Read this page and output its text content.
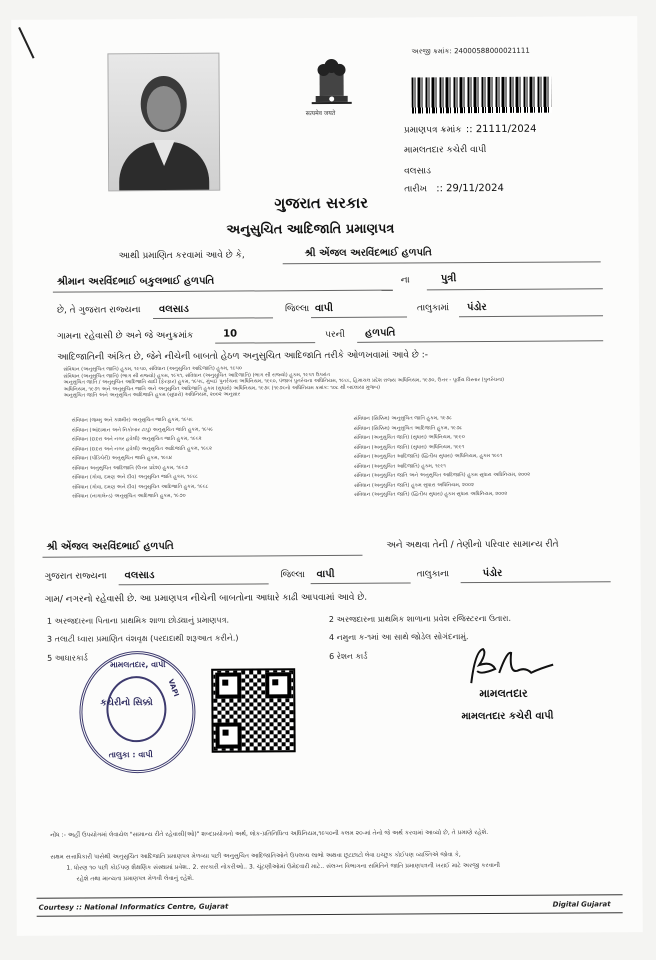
सत्यमेव जयते
અરજી ક્રમાંક: 24000588000021111
પ્રમાણપત્ર ક્રમાંક :: 21111/2024
મામલતદાર કચેરી વાપી
વલસાડ
તારીખ :: 29/11/2024
ગુજરાત સરકાર
અનુસુચિત આદિજાતિ પ્રમાણપત્ર
આથી પ્રમાણિત કરવામાં આવે છે કે,	શ્રી એંજલ અરવિંદભાઈ હળપતિ
શ્રીમાન અરવિંદભાઈ બકુલભાઈ હળપતિ	ના	પુત્રી
છે, તે ગુજરાત રાજ્યના વલસાડ	જિલ્લા વાપી	તાલુકામાં પંડોર
ગામના રહેવાસી છે અને જે અનુક્રમાંક	10	પરની હળપતિ
આદિજાતિની અંકિત છે, જેને નીચેની બાબતો હેઠળ અનુસુચિત આદિજાતિ તરીકે ઓળખવામાં આવે છે :-
સંવિધાન (અનુસુચિત જાતિ) હુકમ, ૧૯૫૦, સંવિધાન (અનુસુચિત આદિજાતિ) હુકમ, ૧૯૫૦
સંવિધાન (અનુસુચિત જાતિ) (ભાગ સી રાજ્યો) હુકમ, ૧૯૫૧, સંવિધાન (અનુસુચિત આદિજાતિ) (ભાગ સી રાજ્યો) હુકમ, ૧૯૫૧ ઉપરાંત
અનુસુચિત જાતિ / અનુસુચિત આદિજાતિ યાદી (ફેરફાર) હુકમ, ૧૯૫૬, મુંબઈ પુનર્રચના અધિનિયમ, ૧૯૬૦, પંજાબ પુનર્રચના અધિનિયમ, ૧૯૬૬, હિમાચલ પ્રદેશ રાજ્ય અધિનિયમ, ૧૯૭૦, ઉત્તર - પૂર્વીય વિસ્તાર (પુનર્રચના)
અધિનિયમ, ૧૯૭૧ અને અનુસુચિત જાતિ અને અનુસુચિત આદિજાતિ હુકમ (સુધારો) અધિનિયમ, ૧૯૭૬ (૧૯૭૬નો અધિનિયમ ક્રમાંક: ૧૦૮ થી બદલાયા મુજબ)
અનુસુચિત જાતિ અને અનુસુચિત આદિજાતિ હુકમ (સુધારો) અધિનિયમ, ૨૦૦૨ અનુસાર
સંવિધાન (જમ્મુ અને કાશ્મીર) અનુસુચિત જાતિ હુકમ, ૧૯૫૬
સંવિધાન (આંદામાન અને નિકોબાર ટાપુ) અનુસુચિત જાતિ હુકમ, ૧૯૫૯
સંવિધાન (દાદરા અને નગર હવેલી) અનુસુચિત જાતિ હુકમ, ૧૯૬૨
સંવિધાન (દાદરા અને નગર હવેલી) અનુસુચિત આદિજાતિ હુકમ, ૧૯૬૨
સંવિધાન (પોંડિચેરી) અનુસુચિત જાતિ હુકમ, ૧૯૬૪
સંવિધાન અનુસુચિત આદિજાતિ (ઉત્તર પ્રદેશ) હુકમ, ૧૯૬૭
સંવિધાન (ગોવા, દમણ અને દીવ) અનુસુચિત જાતિ હુકમ, ૧૯૬૮
સંવિધાન (ગોવા, દમણ અને દીવ) અનુસુચિત આદિજાતિ હુકમ, ૧૯૬૮
સંવિધાન (નાગાલેન્ડ) અનુસુચિત આદિજાતિ હુકમ, ૧૯૭૦
સંવિધાન (સિક્કિમ) અનુસુચિત જાતિ હુકમ, ૧૯૭૮
સંવિધાન (સિક્કિમ) અનુસુચિત આદિજાતિ હુકમ, ૧૯૭૮
સંવિધાન (અનુસુચિત જાતિ) (સુધારા) અધિનિયમ, ૧૯૯૦
સંવિધાન (અનુસુચિત જાતિ) (સુધારા) અધિનિયમ, ૧૯૯૧
સંવિધાન (અનુસુચિત આદિજાતિ) (દ્વિતીય સુધારા) અધિનિયમ, હુકમ ૧૯૯૧
સંવિધાન (અનુસુચિત આદિજાતિ) હુકમ, ૧૯૯૧
સંવિધાન (અનુસુચિત જાતિ અને અનુસુચિત આદિજાતિ) હુકમ સુધારા અધિનિયમ, ૨૦૦૨
સંવિધાન (અનુસુચિત જાતિ) હુકમ સુધારા અધિનિયમ, ૨૦૦૨
સંવિધાન (અનુસુચિત જાતિ) (દ્વિતીય સુધારા) હુકમ સુધારા અધિનિયમ, ૨૦૦૨
શ્રી એંજલ અરવિંદભાઈ હળપતિ	અને અથવા તેની / તેણીનો પરિવાર સામાન્ય રીતે
ગુજરાત રાજ્યના વલસાડ	જિલ્લા વાપી	તાલુકાના	પંડોર
ગામ/ નગરનો રહેવાસી છે. આ પ્રમાણપત્ર નીચેની બાબતોના આધારે કાઢી આપવામાં આવે છે.
1 અરજદારના પિતાના પ્રાથમિક શાળા છોડ્યાનું પ્રમાણપત્ર.	2 અરજદારના પ્રાથમિક શાળાના પ્રવેશ રજિસ્ટરના ઉતારા.
3 તલાટી ધ્વારા પ્રમાણિત વંશવૃક્ષ (પરદાદાથી શરૂઆત કરીને.)	4 નમુના ક-૧માં આ સાથે જોડેલ સોગંદનામું.
5 આધારકાર્ડ	6 રેશન કાર્ડ
મામલતદાર, વાપી
કચેરીનો સિક્કો
VAPI
તાલુકા : વાપી
મામલતદાર
મામલતદાર કચેરી વાપી
નોંધ :- અહીં ઉપયોગમાં લેવાયેલ "સામાન્ય રીતે રહેવાસી(ઓ)" શબ્દપ્રયોગનો અર્થ, લોક-પ્રતિનિધિત્વ અધિનિયમ,૧૯૫૦ની કલમ ૨૦-માં તેનો જે અર્થ કરવામાં આવ્યો છે, તે પ્રમાણે રહેશે.
સક્ષમ સત્તાધિકારી પાસેથી અનુસુચિત આદિજાતિ પ્રમાણપત્ર મેળવ્યા પછી અનુસુચિત આદિજાતિઓને ઉપલબ્ધ લાભો અથવા છૂટછાટો લેવા ઇચ્છુક કોઈપણ વ્યક્તિએ જોવા કે,
1. ધોરણ ૧૦ પછી કોઈપણ શૈક્ષણિક સંસ્થામાં પ્રવેશ.. 2. સરકારી નોકરીઓ.. 3. ચૂંટણીઓમાં ઉમેદવારી માટે.. સંલગ્ન વિભાગના સમિતિને જાતિ પ્રમાણપત્રની ખરાઈ માટે અરજી કરવાની
રહેશે તથા માન્યતા પ્રમાણપત્ર મેળવી લેવાનું રહેશે.
Courtesy :: National Informatics Centre, Gujarat	Digital Gujarat
